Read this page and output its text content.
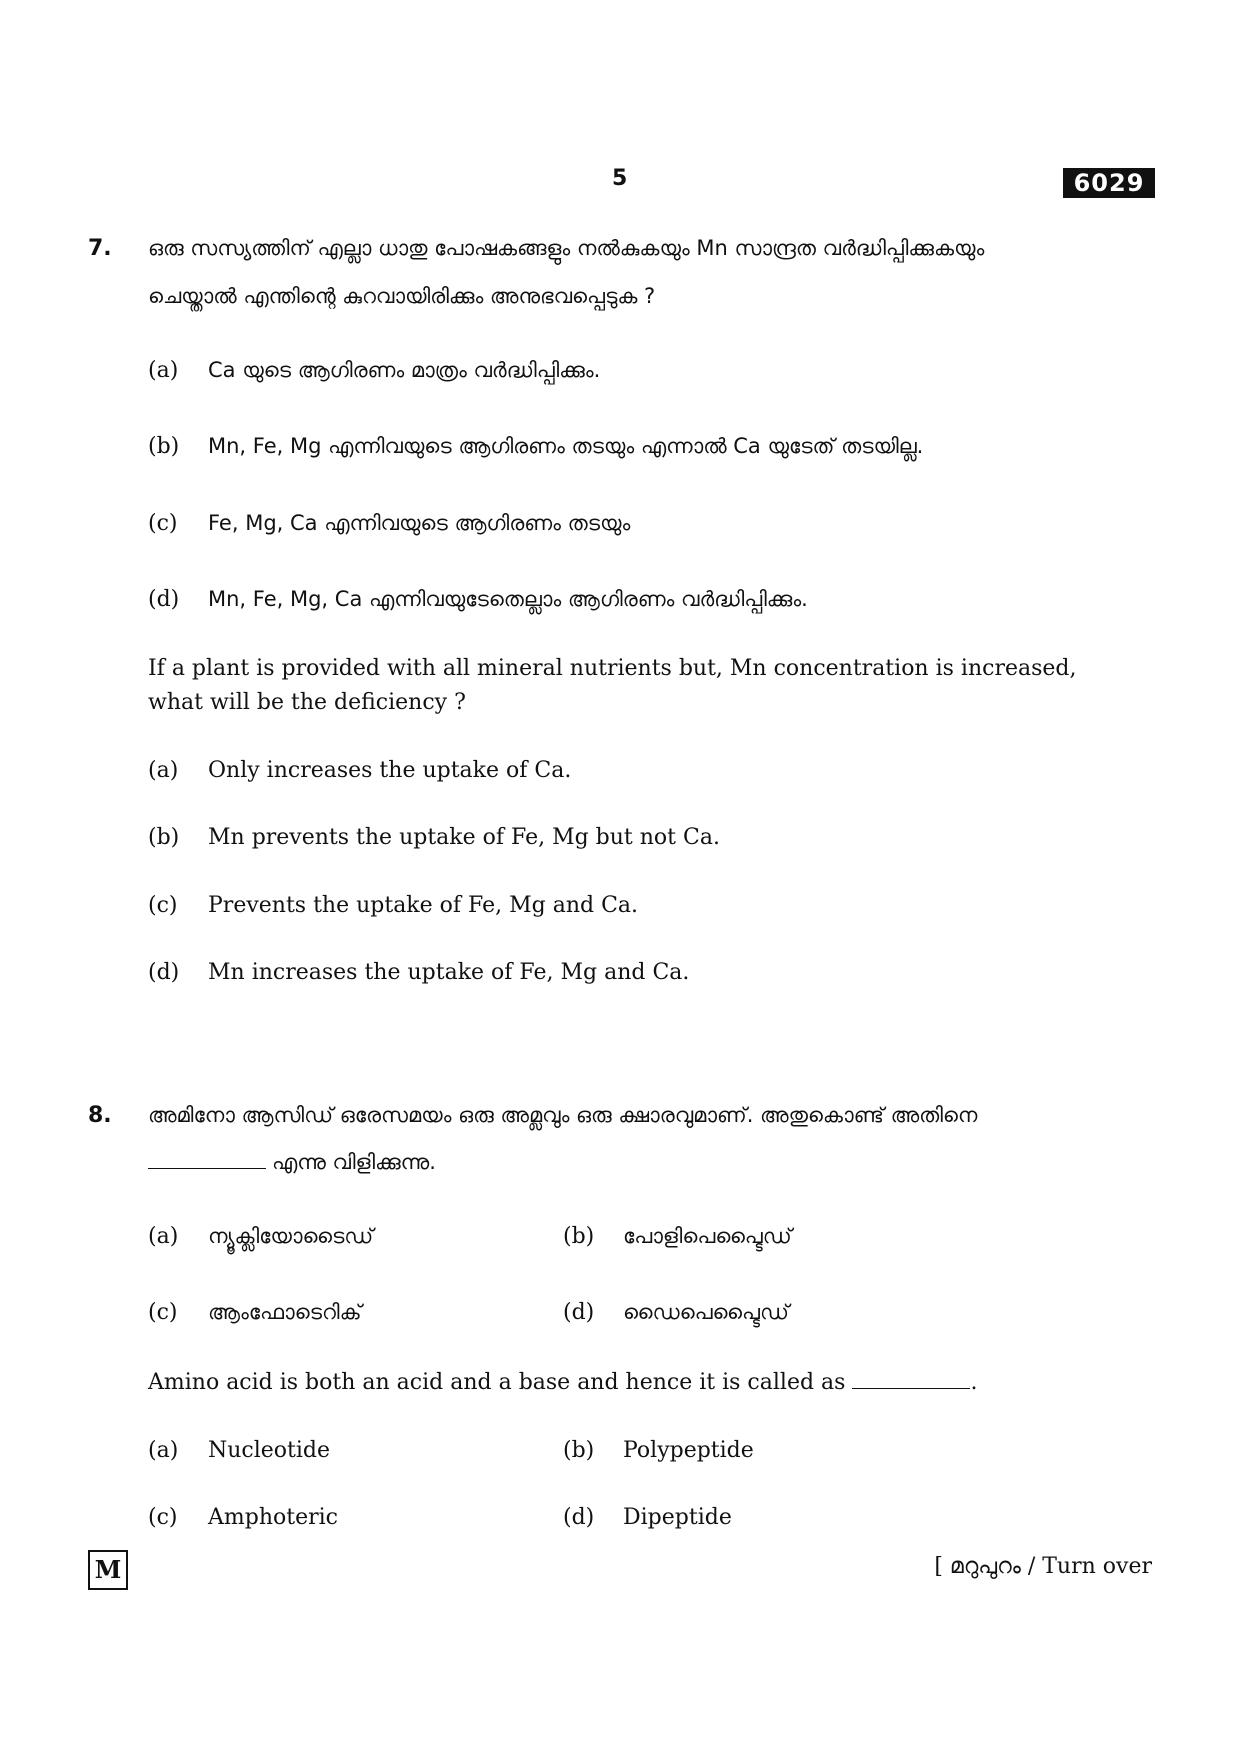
5	6029
7. ഒരു സസ്യത്തിന് എല്ലാ ധാതു പോഷകങ്ങളും നൽകുകയും Mn സാന്ദ്രത വർദ്ധിപ്പിക്കുകയും
ചെയ്താൽ എന്തിന്റെ കുറവായിരിക്കും അനുഭവപ്പെടുക ?
(a) Ca യുടെ ആഗിരണം മാത്രം വർദ്ധിപ്പിക്കും.
(b) Mn, Fe, Mg എന്നിവയുടെ ആഗിരണം തടയും എന്നാൽ Ca യുടേത് തടയില്ല.
(c) Fe, Mg, Ca എന്നിവയുടെ ആഗിരണം തടയും
(d) Mn, Fe, Mg, Ca എന്നിവയുടേതെല്ലാം ആഗിരണം വർദ്ധിപ്പിക്കും.
If a plant is provided with all mineral nutrients but, Mn concentration is increased,
what will be the deficiency ?
(a) Only increases the uptake of Ca.
(b) Mn prevents the uptake of Fe, Mg but not Ca.
(c) Prevents the uptake of Fe, Mg and Ca.
(d) Mn increases the uptake of Fe, Mg and Ca.
8. അമിനോ ആസിഡ് ഒരേസമയം ഒരു അമ്ലവും ഒരു ക്ഷാരവുമാണ്. അതുകൊണ്ട് അതിനെ
എന്നു വിളിക്കുന്നു.
(a) ന്യൂക്ലിയോടൈഡ്	(b) പോളിപെപ്ടൈഡ്
(c) ആംഫോടെറിക്	(d) ഡൈപെപ്ടൈഡ്
Amino acid is both an acid and a base and hence it is called as	.
(a) Nucleotide	(b) Polypeptide
(c) Amphoteric	(d) Dipeptide
M	[ മറുപുറം / Turn over
